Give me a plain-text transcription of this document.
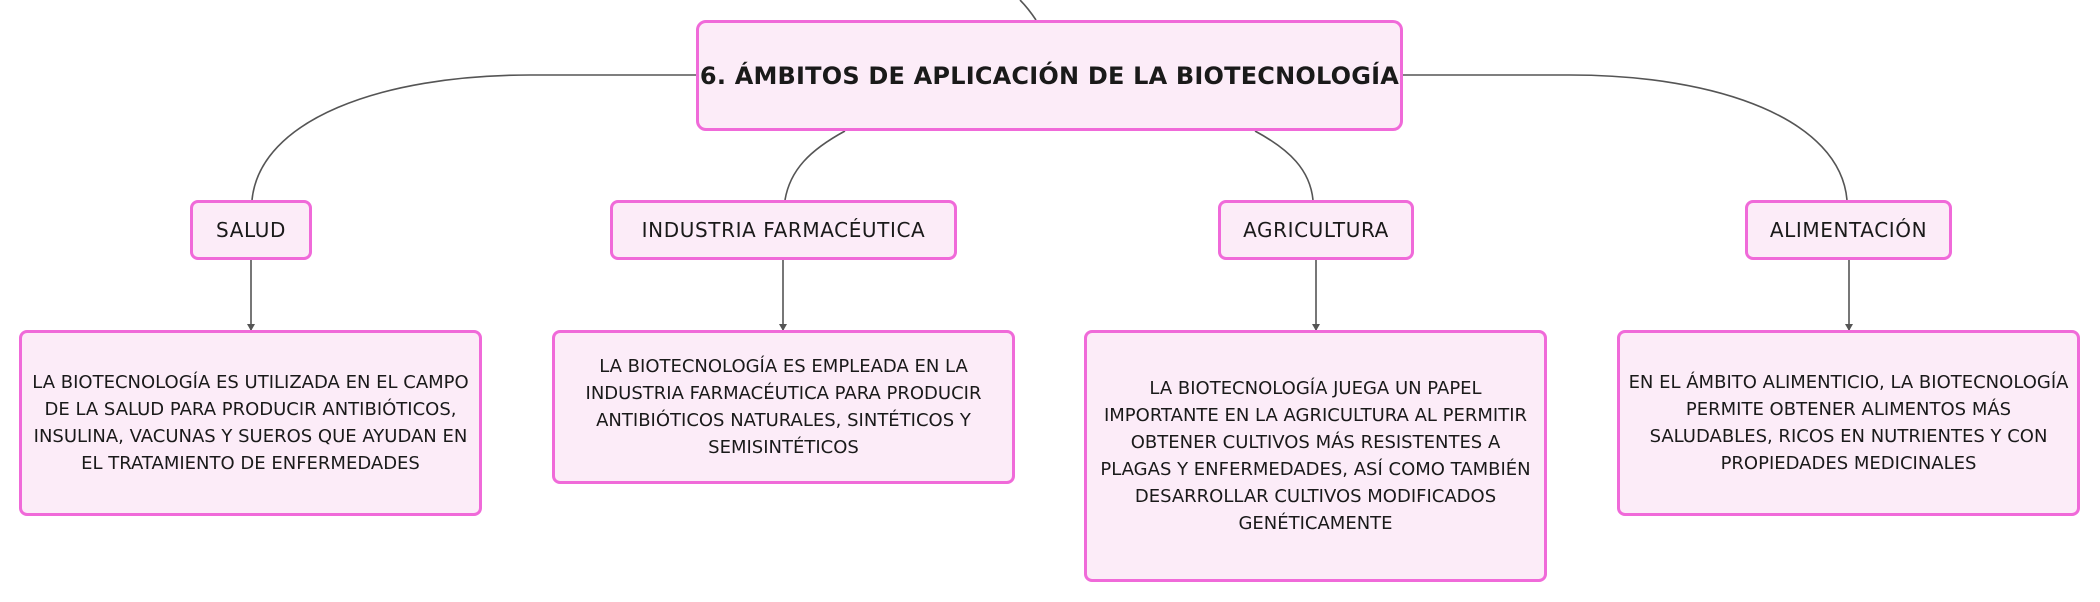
6. ÁMBITOS DE APLICACIÓN DE LA BIOTECNOLOGÍA
SALUD	INDUSTRIA FARMACÉUTICA	AGRICULTURA	ALIMENTACIÓN
LA BIOTECNOLOGÍA ES UTILIZADA EN EL CAMPO DE LA SALUD PARA PRODUCIR ANTIBIÓTICOS, INSULINA, VACUNAS Y SUEROS QUE AYUDAN EN EL TRATAMIENTO DE ENFERMEDADES
LA BIOTECNOLOGÍA ES EMPLEADA EN LA INDUSTRIA FARMACÉUTICA PARA PRODUCIR ANTIBIÓTICOS NATURALES, SINTÉTICOS Y SEMISINTÉTICOS
LA BIOTECNOLOGÍA JUEGA UN PAPEL IMPORTANTE EN LA AGRICULTURA AL PERMITIR OBTENER CULTIVOS MÁS RESISTENTES A PLAGAS Y ENFERMEDADES, ASÍ COMO TAMBIÉN DESARROLLAR CULTIVOS MODIFICADOS GENÉTICAMENTE
EN EL ÁMBITO ALIMENTICIO, LA BIOTECNOLOGÍA PERMITE OBTENER ALIMENTOS MÁS SALUDABLES, RICOS EN NUTRIENTES Y CON PROPIEDADES MEDICINALES
